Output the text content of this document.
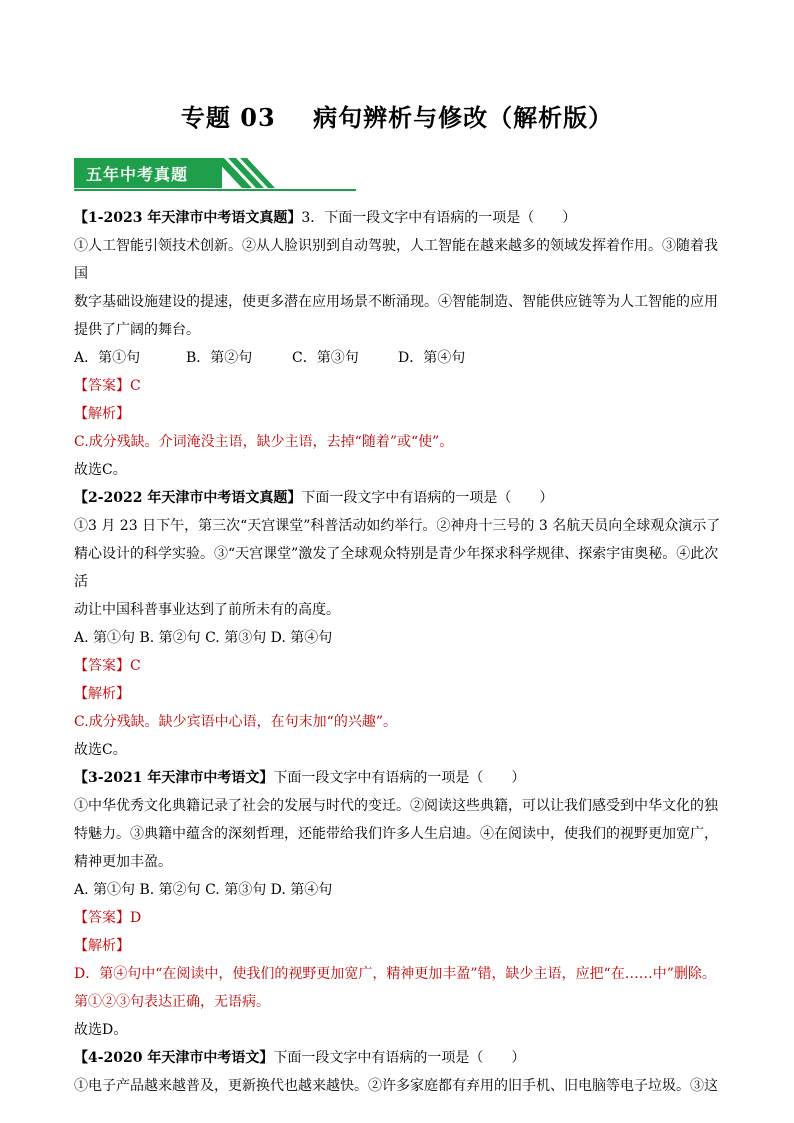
专题 03    病句辨析与修改（解析版）
五年中考真题

【1-2023 年天津市中考语文真题】3．下面一段文字中有语病的一项是（　　）

①人工智能引领技术创新。②从人脸识别到自动驾驶，人工智能在越来越多的领域发挥着作用。③随着我国

数字基础设施建设的提速，使更多潜在应用场景不断涌现。④智能制造、智能供应链等为人工智能的应用

提供了广阔的舞台。

A．第①句	B．第②句	C．第③句	D．第④句

【答案】C

【解析】

C.成分残缺。介词淹没主语，缺少主语，去掉“随着”或“使”。

故选C。

【2-2022 年天津市中考语文真题】下面一段文字中有语病的一项是（　　）

①3 月 23 日下午，第三次“天宫课堂”科普活动如约举行。②神舟十三号的 3 名航天员向全球观众演示了

精心设计的科学实验。③“天宫课堂”激发了全球观众特别是青少年探求科学规律、探索宇宙奥秘。④此次活

动让中国科普事业达到了前所未有的高度。

A. 第①句 B. 第②句 C. 第③句 D. 第④句

【答案】C

【解析】

C.成分残缺。缺少宾语中心语，在句末加“的兴趣”。

故选C。

【3-2021 年天津市中考语文】下面一段文字中有语病的一项是（　　）

①中华优秀文化典籍记录了社会的发展与时代的变迁。②阅读这些典籍，可以让我们感受到中华文化的独

特魅力。③典籍中蕴含的深刻哲理，还能带给我们许多人生启迪。④在阅读中，使我们的视野更加宽广，

精神更加丰盈。

A. 第①句 B. 第②句 C. 第③句 D. 第④句

【答案】D

【解析】

D．第④句中“在阅读中，使我们的视野更加宽广，精神更加丰盈”错，缺少主语，应把“在……中”删除。

第①②③句表达正确，无语病。

故选D。

【4-2020 年天津市中考语文】下面一段文字中有语病的一项是（　　）

①电子产品越来越普及，更新换代也越来越快。②许多家庭都有弃用的旧手机、旧电脑等电子垃圾。③这
